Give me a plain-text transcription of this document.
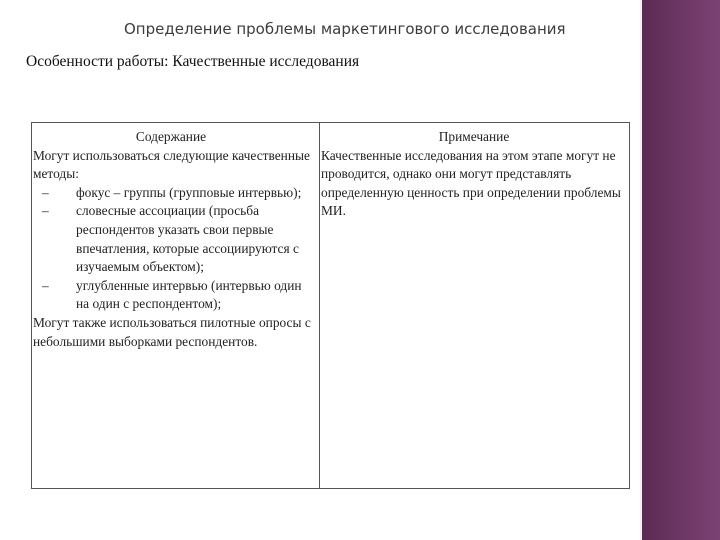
Определение проблемы маркетингового исследования
Особенности работы: Качественные исследования
Содержание

Могут использоваться следующие качественные методы:

– фокус – группы (групповые интервью);
– словесные ассоциации (просьба респондентов указать свои первые впечатления, которые ассоциируются с изучаемым объектом);
– углубленные интервью (интервью один на один с респондентом);

Могут также использоваться пилотные опросы с небольшими выборками респондентов.

Примечание

Качественные исследования на этом этапе могут не проводится, однако они могут представлять определенную ценность при определении проблемы МИ.
